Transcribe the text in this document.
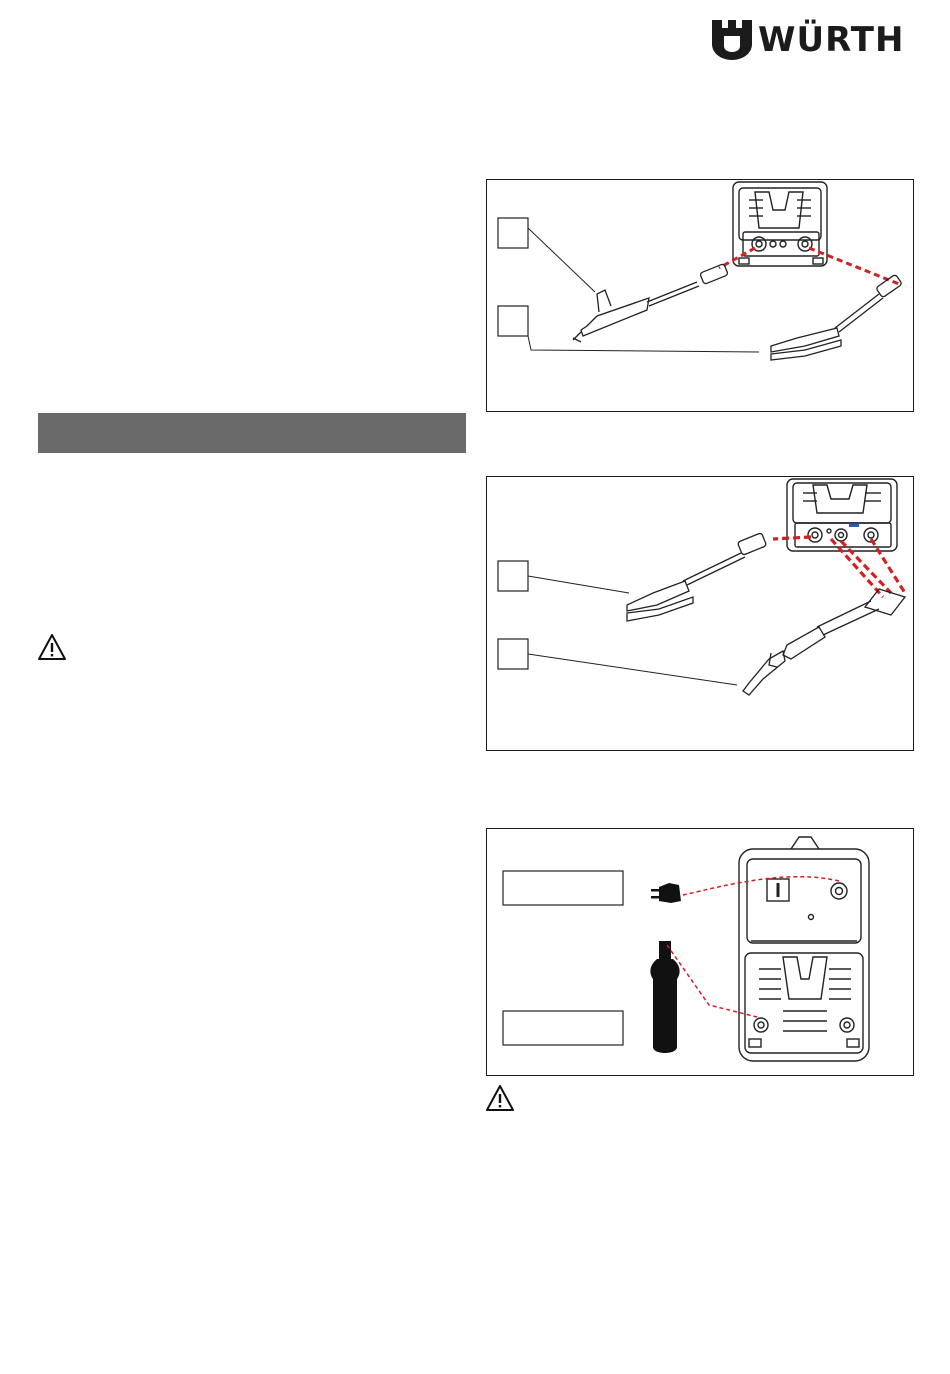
WÜRTH
